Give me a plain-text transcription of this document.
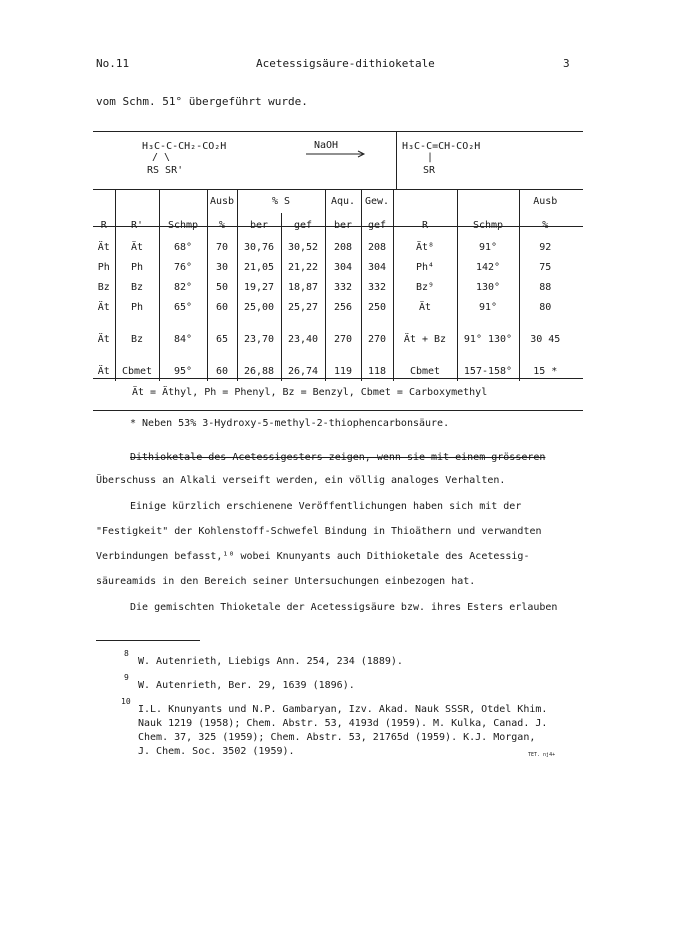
No.11	Acetessigsäure-dithioketale	3
vom Schm. 51° übergeführt wurde.
H₃C-C-CH₂-CO₂H
/ \
RS SR'
NaOH	H₃C-C=CH-CO₂H
|
SR
			Ausb	% S		Aqu.	Gew.			Ausb
R	R'	Schmp	%	ber	gef	ber	gef	R	Schmp	%
Ät	Ät	68°	70	30,76	30,52	208	208	Ät⁸	91°	92
Ph	Ph	76°	30	21,05	21,22	304	304	Ph⁴	142°	75
Bz	Bz	82°	50	19,27	18,87	332	332	Bz⁹	130°	88
Ät	Ph	65°	60	25,00	25,27	256	250	Ät	91°	80
Ät	Bz	84°	65	23,70	23,40	270	270	Ät + Bz	91° 130°	30 45
Ät	Cbmet	95°	60	26,88	26,74	119	118	Cbmet	157-158°	15 *
Ät = Äthyl, Ph = Phenyl, Bz = Benzyl, Cbmet = Carboxymethyl
* Neben 53% 3-Hydroxy-5-methyl-2-thiophencarbonsäure.
Dithioketale des Acetessigesters zeigen, wenn sie mit einem grösseren
Überschuss an Alkali verseift werden, ein völlig analoges Verhalten.
Einige kürzlich erschienene Veröffentlichungen haben sich mit der
"Festigkeit" der Kohlenstoff-Schwefel Bindung in Thioäthern und verwandten
Verbindungen befasst,¹⁰ wobei Knunyants auch Dithioketale des Acetessig-
säureamids in den Bereich seiner Untersuchungen einbezogen hat.
Die gemischten Thioketale der Acetessigsäure bzw. ihres Esters erlauben
8
W. Autenrieth, Liebigs Ann. 254, 234 (1889).
9
W. Autenrieth, Ber. 29, 1639 (1896).
10
I.L. Knunyants und N.P. Gambaryan, Izv. Akad. Nauk SSSR, Otdel Khim.
Nauk 1219 (1958); Chem. Abstr. 53, 4193d (1959). M. Kulka, Canad. J.
Chem. 37, 325 (1959); Chem. Abstr. 53, 21765d (1959). K.J. Morgan,
J. Chem. Soc. 3502 (1959).	TET. nj4+
